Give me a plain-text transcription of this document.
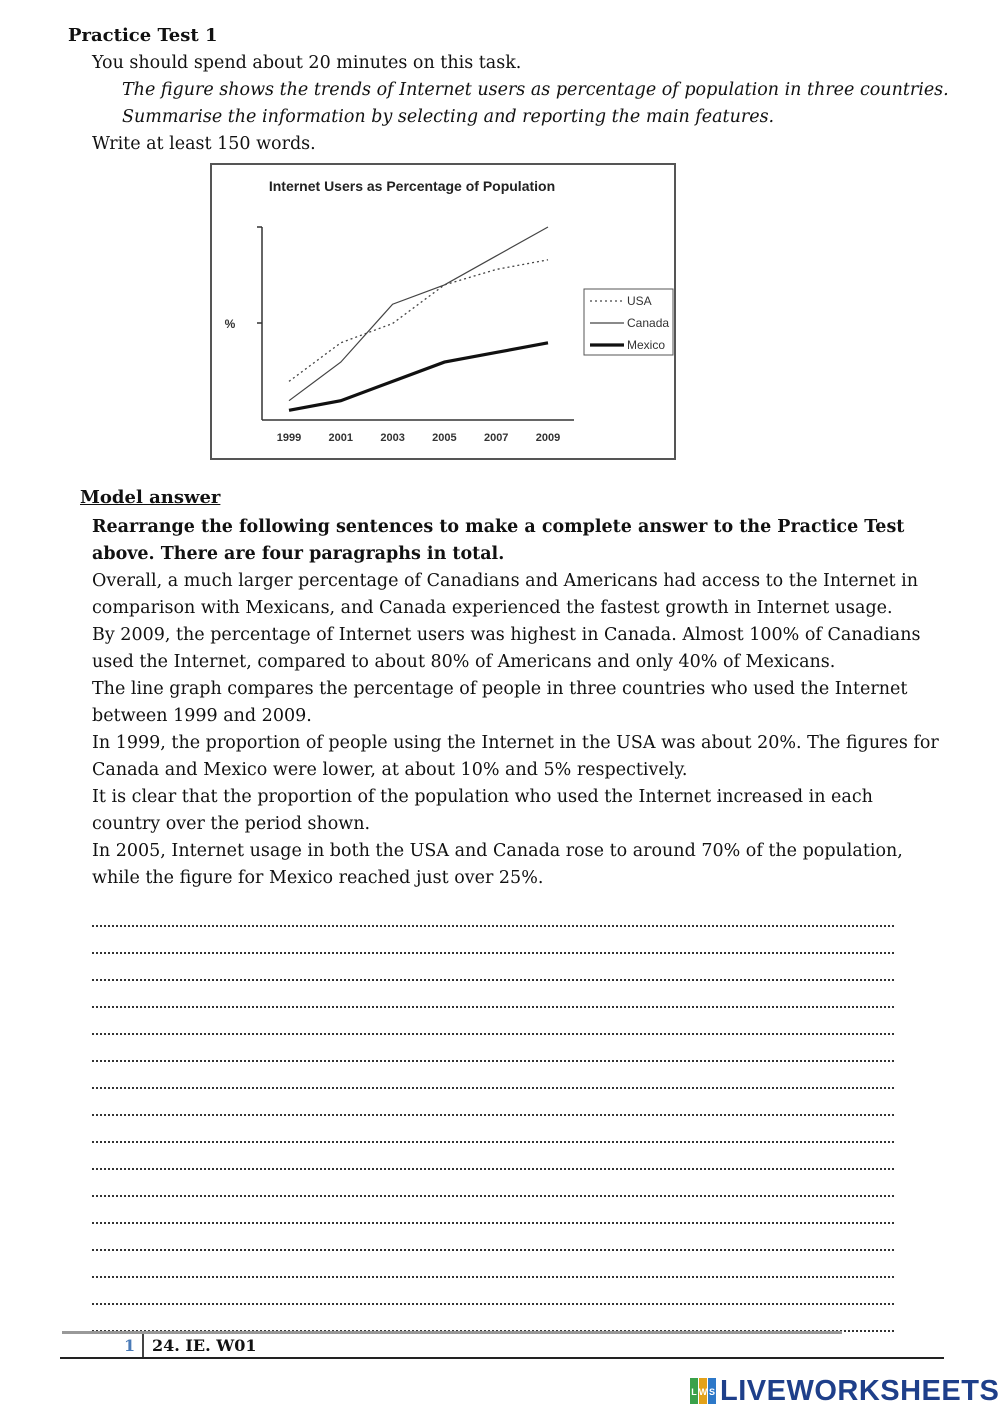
Practice Test 1
You should spend about 20 minutes on this task.
The figure shows the trends of Internet users as percentage of population in three countries.
Summarise the information by selecting and reporting the main features.
Write at least 150 words.
Internet Users as Percentage of Population
%
1999 2001 2003 2005 2007 2009
USA
Canada
Mexico
Model answer
Rearrange the following sentences to make a complete answer to the Practice Test above. There are four paragraphs in total.

Overall, a much larger percentage of Canadians and Americans had access to the Internet in comparison with Mexicans, and Canada experienced the fastest growth in Internet usage.

By 2009, the percentage of Internet users was highest in Canada. Almost 100% of Canadians used the Internet, compared to about 80% of Americans and only 40% of Mexicans.

The line graph compares the percentage of people in three countries who used the Internet between 1999 and 2009.

In 1999, the proportion of people using the Internet in the USA was about 20%. The figures for Canada and Mexico were lower, at about 10% and 5% respectively.

It is clear that the proportion of the population who used the Internet increased in each country over the period shown.

In 2005, Internet usage in both the USA and Canada rose to around 70% of the population, while the figure for Mexico reached just over 25%.

1 24. IE. W01
L W S LIVEWORKSHEETS
